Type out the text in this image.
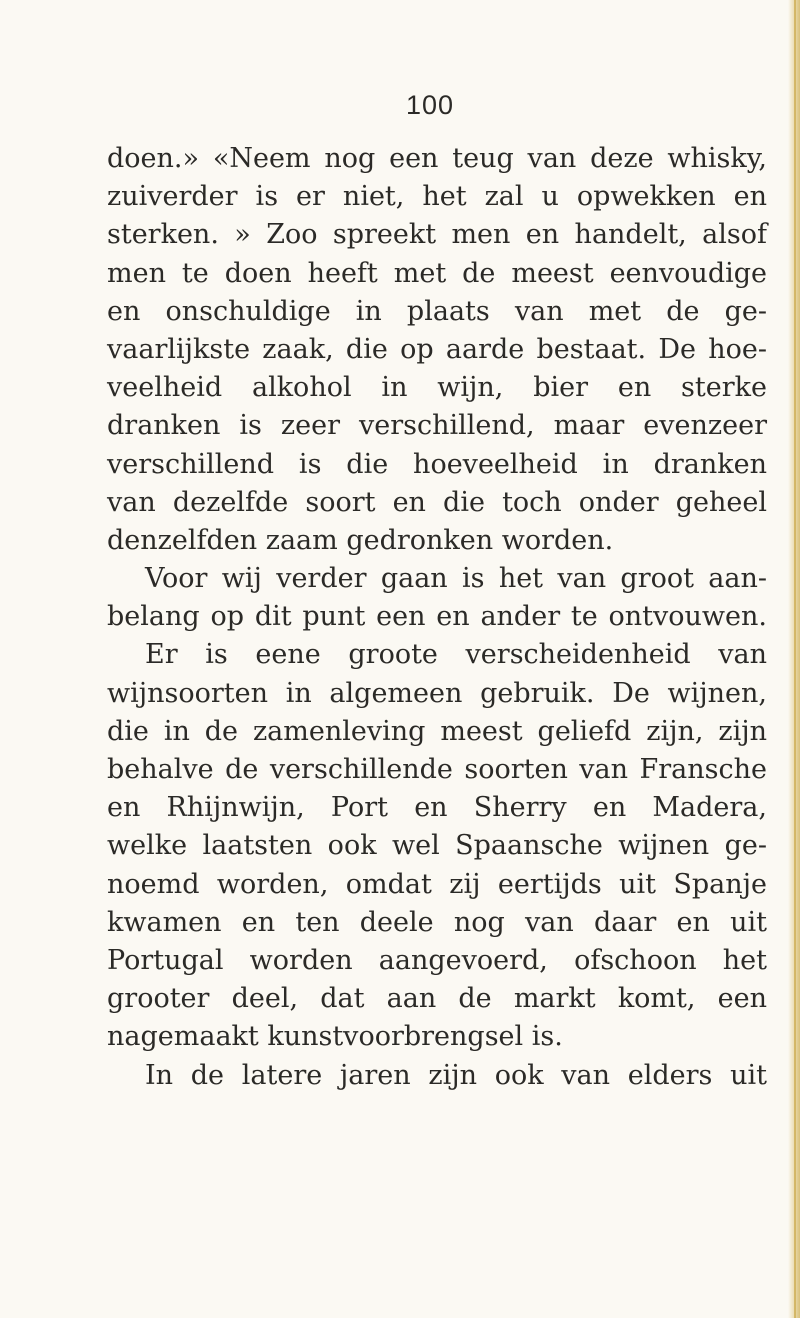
100
doen.» «Neem nog een teug van deze whisky,
zuiverder is er niet, het zal u opwekken en
sterken. » Zoo spreekt men en handelt, alsof
men te doen heeft met de meest eenvoudige
en onschuldige in plaats van met de ge-
vaarlijkste zaak, die op aarde bestaat. De hoe-
veelheid alkohol in wijn, bier en sterke
dranken is zeer verschillend, maar evenzeer
verschillend is die hoeveelheid in dranken
van dezelfde soort en die toch onder geheel
denzelfden zaam gedronken worden.
Voor wij verder gaan is het van groot aan-
belang op dit punt een en ander te ontvouwen.
Er is eene groote verscheidenheid van
wijnsoorten in algemeen gebruik. De wijnen,
die in de zamenleving meest geliefd zijn, zijn
behalve de verschillende soorten van Fransche
en Rhijnwijn, Port en Sherry en Madera,
welke laatsten ook wel Spaansche wijnen ge-
noemd worden, omdat zij eertijds uit Spanje
kwamen en ten deele nog van daar en uit
Portugal worden aangevoerd, ofschoon het
grooter deel, dat aan de markt komt, een
nagemaakt kunstvoorbrengsel is.
In de latere jaren zijn ook van elders uit
